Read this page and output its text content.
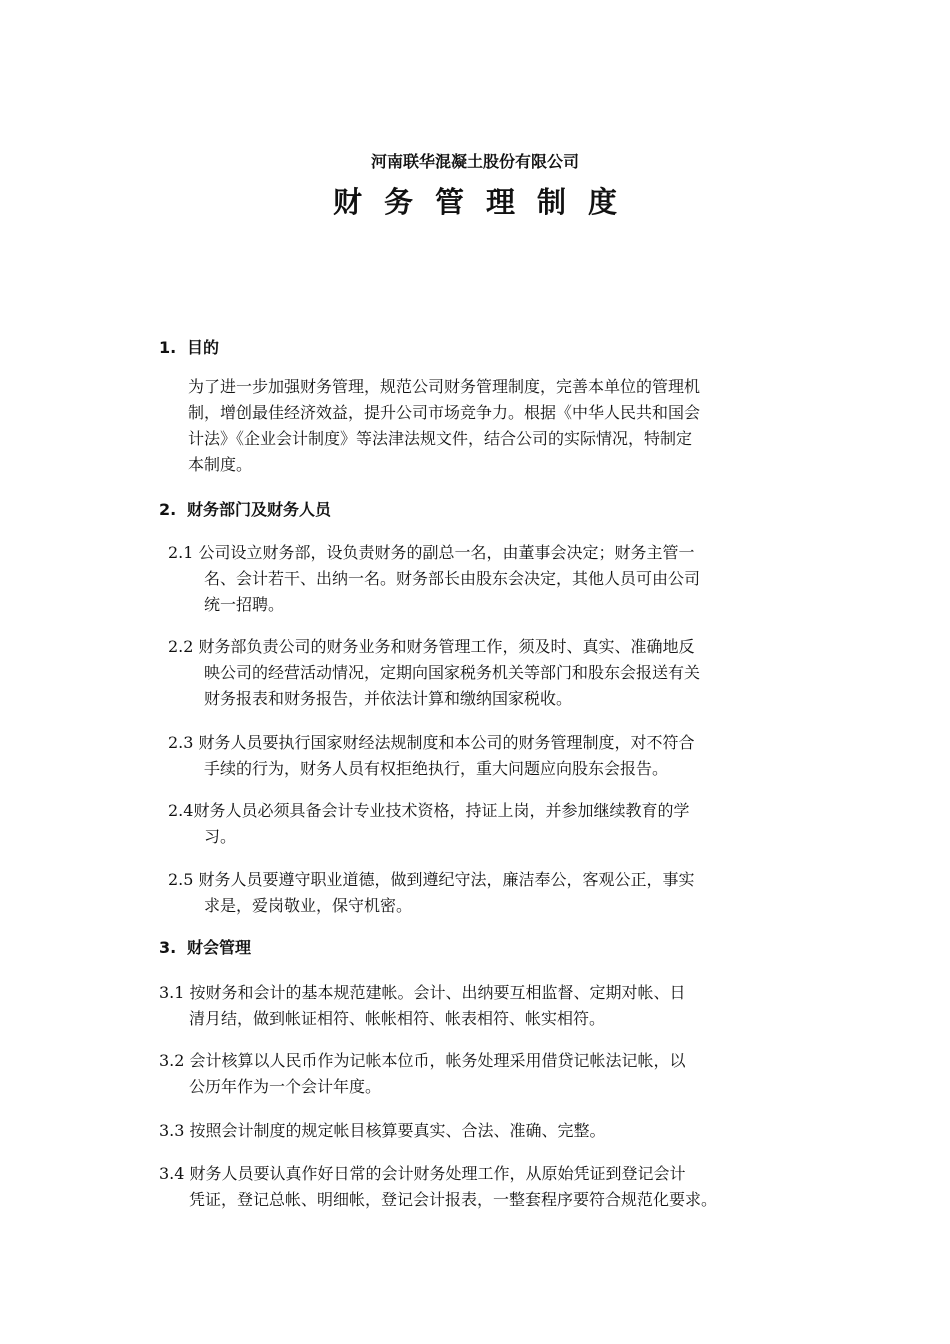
河南联华混凝土股份有限公司
财务管理制度
1. 目的
为了进一步加强财务管理，规范公司财务管理制度，完善本单位的管理机
制，增创最佳经济效益，提升公司市场竞争力。根据《中华人民共和国会
计法》《企业会计制度》等法津法规文件，结合公司的实际情况，特制定
本制度。
2. 财务部门及财务人员
2.1 公司设立财务部，设负责财务的副总一名，由董事会决定；财务主管一
名、会计若干、出纳一名。财务部长由股东会决定，其他人员可由公司
统一招聘。
2.2 财务部负责公司的财务业务和财务管理工作，须及时、真实、准确地反
映公司的经营活动情况，定期向国家税务机关等部门和股东会报送有关
财务报表和财务报告，并依法计算和缴纳国家税收。
2.3 财务人员要执行国家财经法规制度和本公司的财务管理制度，对不符合
手续的行为，财务人员有权拒绝执行，重大问题应向股东会报告。
2.4财务人员必须具备会计专业技术资格，持证上岗，并参加继续教育的学
习。
2.5 财务人员要遵守职业道德，做到遵纪守法，廉洁奉公，客观公正，事实
求是，爱岗敬业，保守机密。
3. 财会管理
3.1 按财务和会计的基本规范建帐。会计、出纳要互相监督、定期对帐、日
清月结，做到帐证相符、帐帐相符、帐表相符、帐实相符。
3.2 会计核算以人民币作为记帐本位币，帐务处理采用借贷记帐法记帐，以
公历年作为一个会计年度。
3.3 按照会计制度的规定帐目核算要真实、合法、准确、完整。
3.4 财务人员要认真作好日常的会计财务处理工作，从原始凭证到登记会计
凭证，登记总帐、明细帐，登记会计报表，一整套程序要符合规范化要求。
